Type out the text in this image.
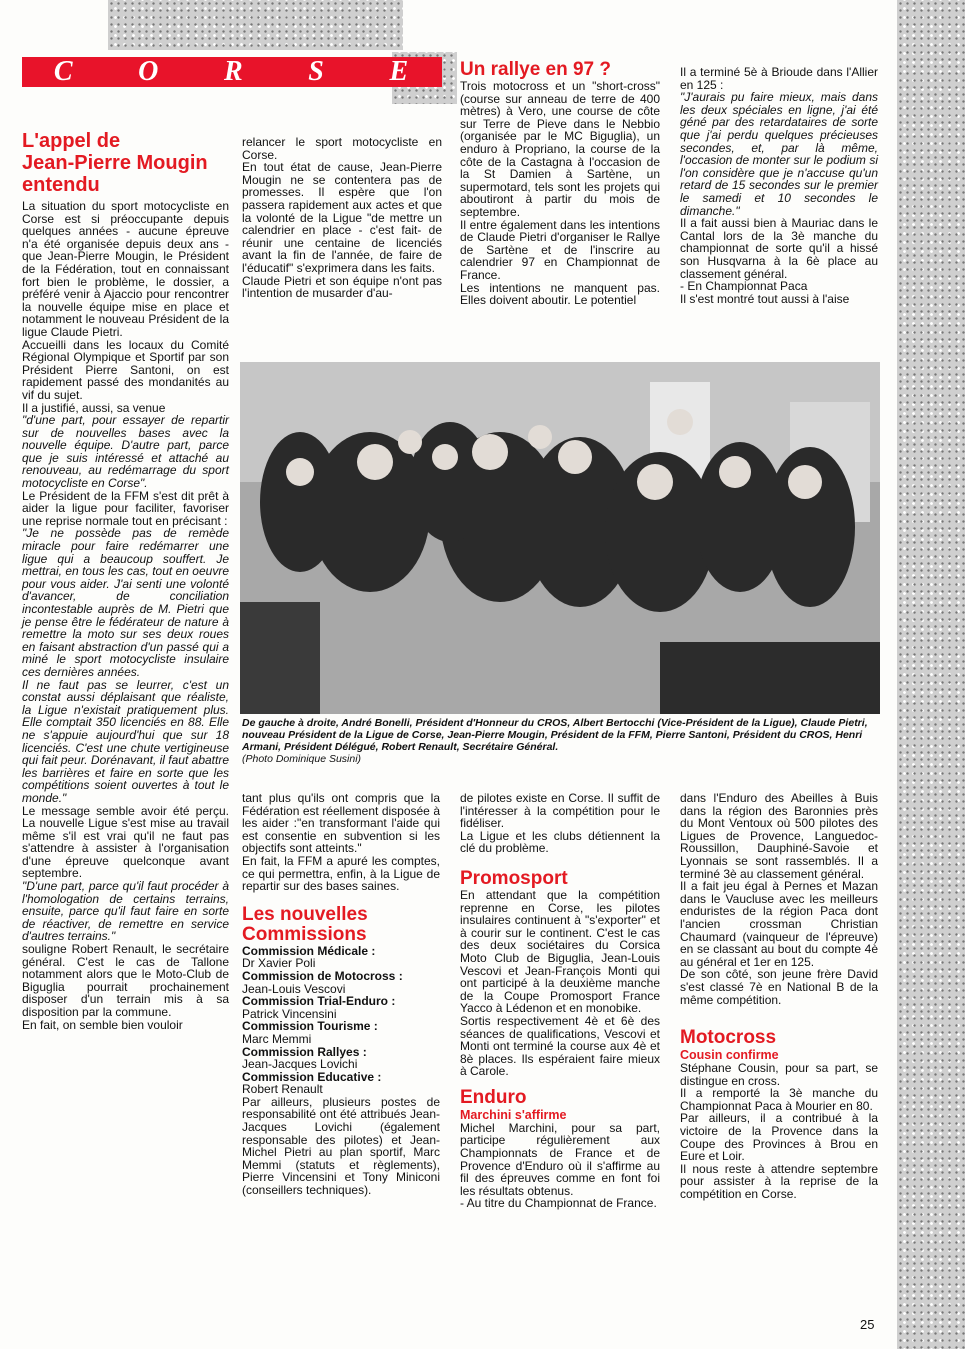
C O R S E

L'appel de
Jean-Pierre Mougin
entendu

La situation du sport motocycliste en Corse est si préoccupante depuis quelques années - aucune épreuve n'a été organisée depuis deux ans - que Jean-Pierre Mougin, le Président de la Fédération, tout en connaissant fort bien le problème, le dossier, a préféré venir à Ajaccio pour rencontrer la nouvelle équipe mise en place et notamment le nouveau Président de la ligue Claude Pietri.

Accueilli dans les locaux du Comité Régional Olympique et Sportif par son Président Pierre Santoni, on est rapidement passé des mondanités au vif du sujet.

Il a justifié, aussi, sa venue

"d'une part, pour essayer de repartir sur de nouvelles bases avec la nouvelle équipe. D'autre part, parce que je suis intéressé et attaché au renouveau, au redémarrage du sport motocycliste en Corse".

Le Président de la FFM s'est dit prêt à aider la ligue pour faciliter, favoriser une reprise normale tout en précisant :

"Je ne possède pas de remède miracle pour faire redémarrer une ligue qui a beaucoup souffert. Je mettrai, en tous les cas, tout en oeuvre pour vous aider. J'ai senti une volonté d'avancer, de conciliation incontestable auprès de M. Pietri que je pense être le fédérateur de nature à remettre la moto sur ses deux roues en faisant abstraction d'un passé qui a miné le sport motocycliste insulaire ces dernières années.

Il ne faut pas se leurrer, c'est un constat aussi déplaisant que réaliste, la Ligue n'existait pratiquement plus. Elle comptait 350 licenciés en 88. Elle ne s'appuie aujourd'hui que sur 18 licenciés. C'est une chute vertigineuse qui fait peur. Dorénavant, il faut abattre les barrières et faire en sorte que les compétitions soient ouvertes à tout le monde."

Le message semble avoir été perçu. La nouvelle Ligue s'est mise au travail même s'il est vrai qu'il ne faut pas s'attendre à assister à l'organisation d'une épreuve quelconque avant septembre.

"D'une part, parce qu'il faut procéder à l'homologation de certains terrains, ensuite, parce qu'il faut faire en sorte de réactiver, de remettre en service d'autres terrains."

souligne Robert Renault, le secrétaire général. C'est le cas de Tallone notamment alors que le Moto-Club de Biguglia pourrait prochainement disposer d'un terrain mis à sa disposition par la commune.

En fait, on semble bien vouloir

relancer le sport motocycliste en Corse.

En tout état de cause, Jean-Pierre Mougin ne se contentera pas de promesses. Il espère que l'on passera rapidement aux actes et que la volonté de la Ligue "de mettre un calendrier en place - c'est fait- de réunir une centaine de licenciés avant la fin de l'année, de faire de l'éducatif" s'exprimera dans les faits.

Claude Pietri et son équipe n'ont pas l'intention de musarder d'au-

Un rallye en 97 ?

Trois motocross et un "short-cross" (course sur anneau de terre de 400 mètres) à Vero, une course de côte sur Terre de Pieve dans le Nebbio (organisée par le MC Biguglia), un enduro à Propriano, la course de la côte de la Castagna à l'occasion de la St Damien à Sartène, un supermotard, tels sont les projets qui aboutiront à partir du mois de septembre.

Il entre également dans les intentions de Claude Pietri d'organiser le Rallye de Sartène et de l'inscrire au calendrier 97 en Championnat de France.

Les intentions ne manquent pas. Elles doivent aboutir. Le potentiel

Il a terminé 5è à Brioude dans l'Allier en 125 :

"J'aurais pu faire mieux, mais dans les deux spéciales en ligne, j'ai été géné par des retardataires de sorte que j'ai perdu quelques précieuses secondes, et, par là même, l'occasion de monter sur le podium si l'on considère que je n'accuse qu'un retard de 15 secondes sur le premier le samedi et 10 secondes le dimanche."

Il a fait aussi bien à Mauriac dans le Cantal lors de la 3è manche du championnat de sorte qu'il a hissé son Husqvarna à la 6è place au classement général.

- En Championnat Paca

Il s'est montré tout aussi à l'aise

De gauche à droite, André Bonelli, Président d'Honneur du CROS, Albert Bertocchi (Vice-Président de la Ligue), Claude Pietri, nouveau Président de la Ligue de Corse, Jean-Pierre Mougin, Président de la FFM, Pierre Santoni, Président du CROS, Henri Armani, Président Délégué, Robert Renault, Secrétaire Général.
(Photo Dominique Susini)

tant plus qu'ils ont compris que la Fédération est réellement disposée à les aider :"en transformant l'aide qui est consentie en subvention si les objectifs sont atteints."

En fait, la FFM a apuré les comptes, ce qui permettra, enfin, à la Ligue de repartir sur des bases saines.

Les nouvelles
Commissions

Commission Médicale :

Dr Xavier Poli

Commission de Motocross :

Jean-Louis Vescovi

Commission Trial-Enduro :

Patrick Vincensini

Commission Tourisme :

Marc Memmi

Commission Rallyes :

Jean-Jacques Lovichi

Commission Educative :

Robert Renault

Par ailleurs, plusieurs postes de responsabilité ont été attribués Jean-Jacques Lovichi (également responsable des pilotes) et Jean-Michel Pietri au plan sportif, Marc Memmi (statuts et règlements), Pierre Vincensini et Tony Miniconi (conseillers techniques).

de pilotes existe en Corse. Il suffit de l'intéresser à la compétition pour le fidéliser.

La Ligue et les clubs détiennent la clé du problème.

Promosport

En attendant que la compétition reprenne en Corse, les pilotes insulaires continuent à "s'exporter" et à courir sur le continent. C'est le cas des deux sociétaires du Corsica Moto Club de Biguglia, Jean-Louis Vescovi et Jean-François Monti qui ont participé à la deuxième manche de la Coupe Promosport France Yacco à Lédenon et en monobike.

Sortis respectivement 4è et 6è des séances de qualifications, Vescovi et Monti ont terminé la course aux 4è et 8è places. Ils espéraient faire mieux à Carole.

Enduro

Marchini s'affirme

Michel Marchini, pour sa part, participe régulièrement aux Championnats de France et de Provence d'Enduro où il s'affirme au fil des épreuves comme en font foi les résultats obtenus.

- Au titre du Championnat de France.

dans l'Enduro des Abeilles à Buis dans la région des Baronnies près du Mont Ventoux où 500 pilotes des Ligues de Provence, Languedoc-Roussillon, Dauphiné-Savoie et Lyonnais se sont rassemblés. Il a terminé 3è au classement général.

Il a fait jeu égal à Pernes et Mazan dans le Vaucluse avec les meilleurs enduristes de la région Paca dont l'ancien crossman Christian Chaumard (vainqueur de l'épreuve) en se classant au bout du compte 4è au général et 1er en 125.

De son côté, son jeune frère David s'est classé 7è en National B de la même compétition.

Motocross

Cousin confirme

Stéphane Cousin, pour sa part, se distingue en cross.

Il a remporté la 3è manche du Championnat Paca à Mourier en 80.

Par ailleurs, il a contribué à la victoire de la Provence dans la Coupe des Provinces à Brou en Eure et Loir.

Il nous reste à attendre septembre pour assister à la reprise de la compétition en Corse.

25
